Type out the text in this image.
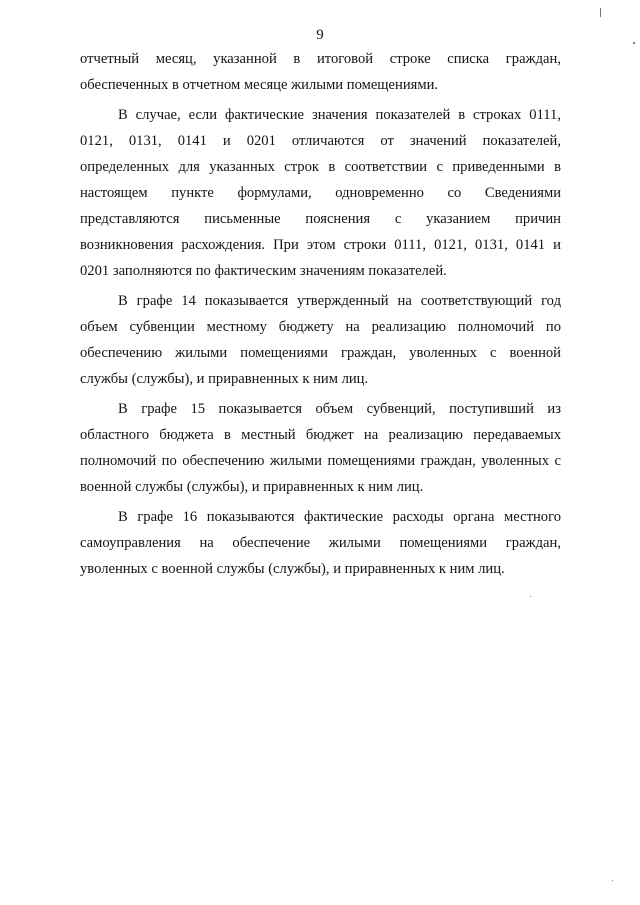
9
отчетный месяц, указанной в итоговой строке списка граждан,
обеспеченных в отчетном месяце жилыми помещениями.
В случае, если фактические значения показателей в строках 0111,
0121, 0131, 0141 и 0201 отличаются от значений показателей,
определенных для указанных строк в соответствии с приведенными в
настоящем пункте формулами, одновременно со Сведениями
представляются письменные пояснения с указанием причин
возникновения расхождения. При этом строки 0111, 0121, 0131, 0141 и
0201 заполняются по фактическим значениям показателей.
В графе 14 показывается утвержденный на соответствующий год
объем субвенции местному бюджету на реализацию полномочий по
обеспечению жилыми помещениями граждан, уволенных с военной
службы (службы), и приравненных к ним лиц.
В графе 15 показывается объем субвенций, поступивший из
областного бюджета в местный бюджет на реализацию передаваемых
полномочий по обеспечению жилыми помещениями граждан, уволенных с
военной службы (службы), и приравненных к ним лиц.
В графе 16 показываются фактические расходы органа местного
самоуправления на обеспечение жилыми помещениями граждан,
уволенных с военной службы (службы), и приравненных к ним лиц.
